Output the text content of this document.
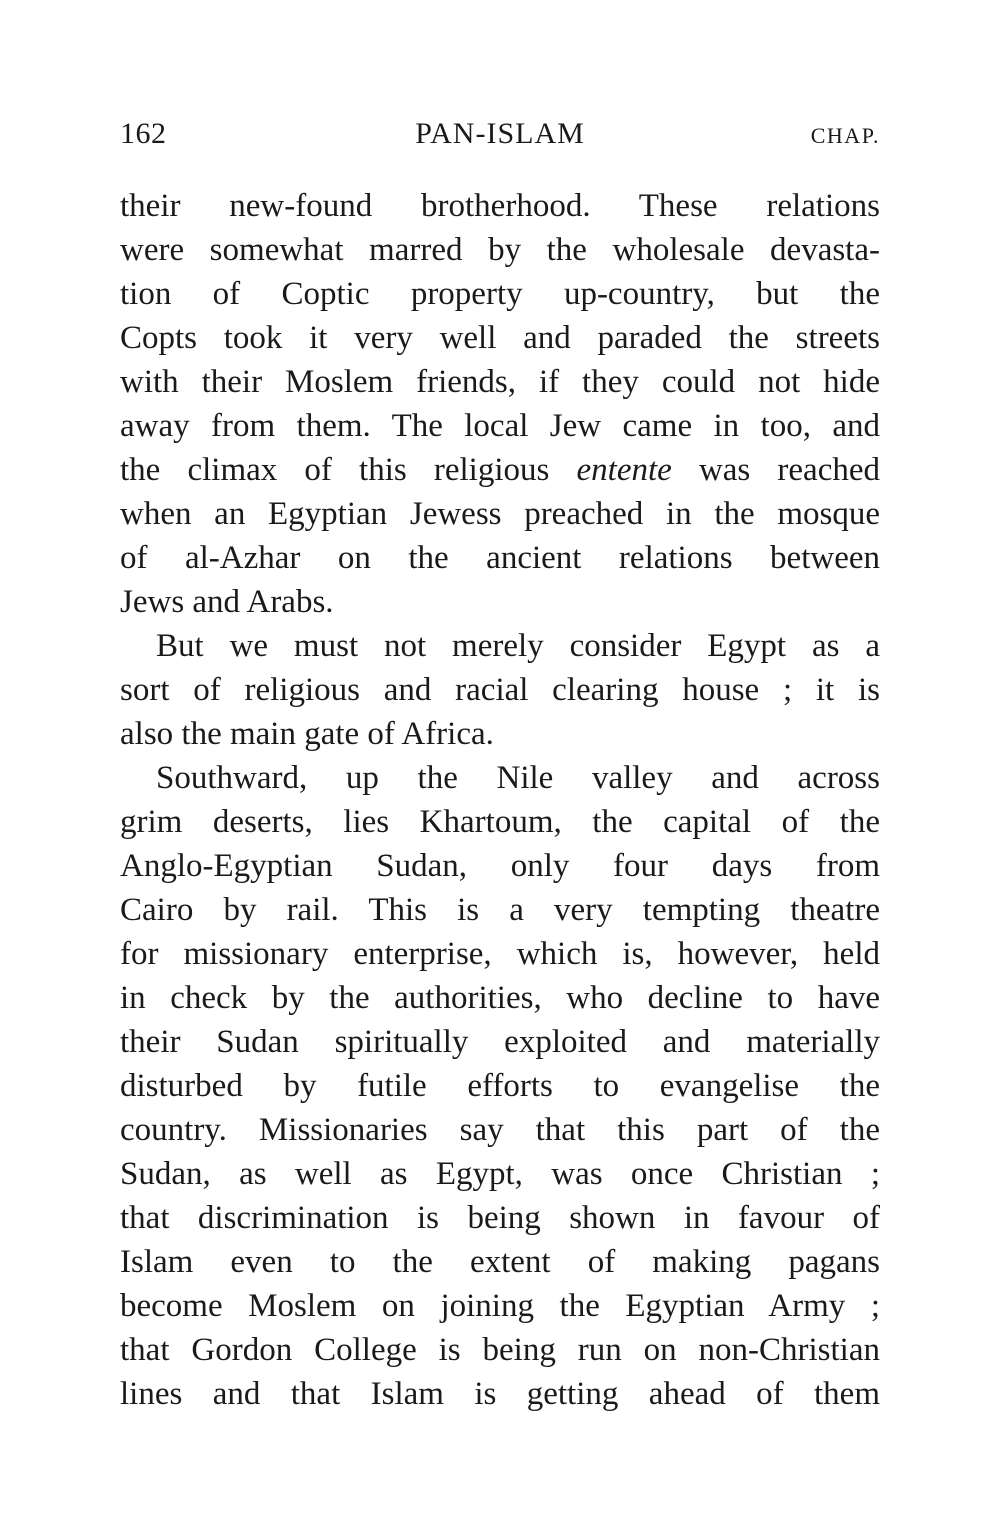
162	PAN-ISLAM	CHAP.
their new-found brotherhood. These relations
were somewhat marred by the wholesale devasta-
tion of Coptic property up-country, but the
Copts took it very well and paraded the streets
with their Moslem friends, if they could not hide
away from them. The local Jew came in too, and
the climax of this religious entente was reached
when an Egyptian Jewess preached in the mosque
of al-Azhar on the ancient relations between
Jews and Arabs.
But we must not merely consider Egypt as a
sort of religious and racial clearing house ; it is
also the main gate of Africa.
Southward, up the Nile valley and across
grim deserts, lies Khartoum, the capital of the
Anglo-Egyptian Sudan, only four days from
Cairo by rail. This is a very tempting theatre
for missionary enterprise, which is, however, held
in check by the authorities, who decline to have
their Sudan spiritually exploited and materially
disturbed by futile efforts to evangelise the
country. Missionaries say that this part of the
Sudan, as well as Egypt, was once Christian ;
that discrimination is being shown in favour of
Islam even to the extent of making pagans
become Moslem on joining the Egyptian Army ;
that Gordon College is being run on non-Christian
lines and that Islam is getting ahead of them
